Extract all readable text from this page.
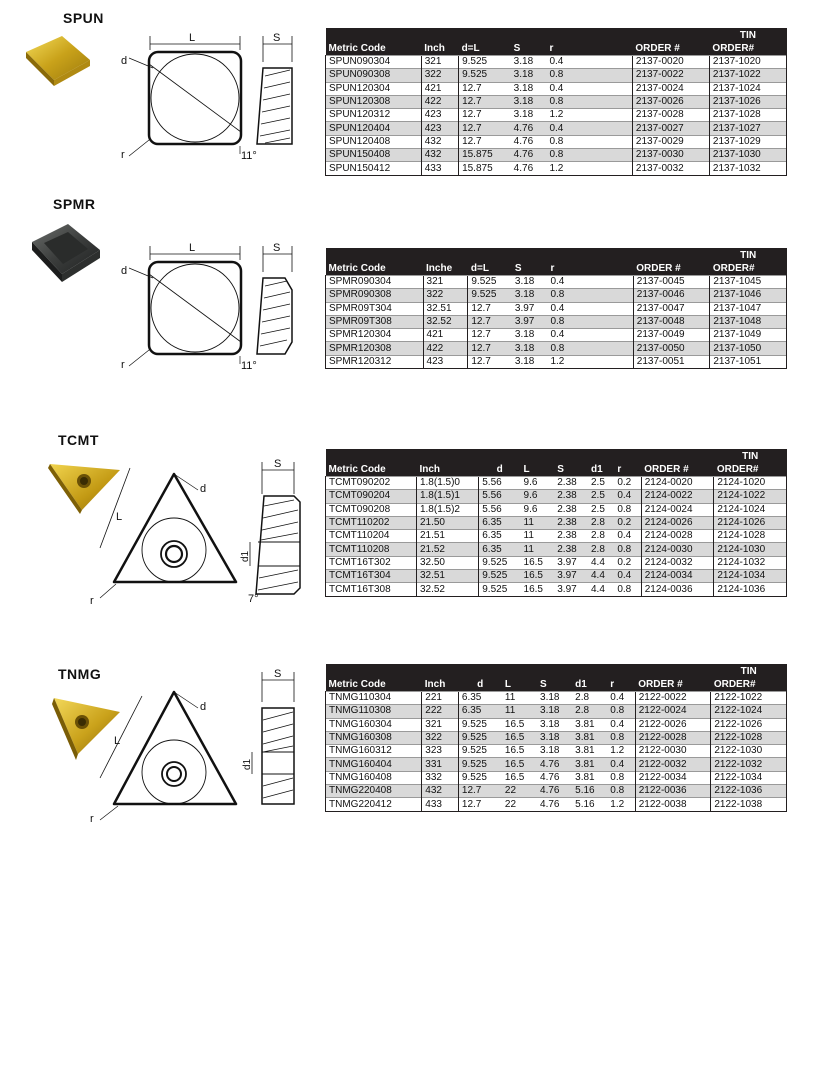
SPUN
L	S
d
r	11°
							TIN
Metric Code	Inch	d=L	S	r		ORDER #	ORDER#
SPUN090304	321	9.525	3.18	0.4		2137-0020	2137-1020
SPUN090308	322	9.525	3.18	0.8		2137-0022	2137-1022
SPUN120304	421	12.7	3.18	0.4		2137-0024	2137-1024
SPUN120308	422	12.7	3.18	0.8		2137-0026	2137-1026
SPUN120312	423	12.7	3.18	1.2		2137-0028	2137-1028
SPUN120404	423	12.7	4.76	0.4		2137-0027	2137-1027
SPUN120408	432	12.7	4.76	0.8		2137-0029	2137-1029
SPUN150408	432	15.875	4.76	0.8		2137-0030	2137-1030
SPUN150412	433	15.875	4.76	1.2		2137-0032	2137-1032
SPMR
L	S
d
r	11°
							TIN
Metric Code	Inche	d=L	S	r		ORDER #	ORDER#
SPMR090304	321	9.525	3.18	0.4		2137-0045	2137-1045
SPMR090308	322	9.525	3.18	0.8		2137-0046	2137-1046
SPMR09T304	32.51	12.7	3.97	0.4		2137-0047	2137-1047
SPMR09T308	32.52	12.7	3.97	0.8		2137-0048	2137-1048
SPMR120304	421	12.7	3.18	0.4		2137-0049	2137-1049
SPMR120308	422	12.7	3.18	0.8		2137-0050	2137-1050
SPMR120312	423	12.7	3.18	1.2		2137-0051	2137-1051
TCMT
L
S
d
r
d1
7°
								TIN
Metric Code	Inch	d	L	S	d1	r		ORDER #	ORDER#
TCMT090202	1.8(1.5)0	5.56	9.6	2.38	2.5	0.2		2124-0020	2124-1020
TCMT090204	1.8(1.5)1	5.56	9.6	2.38	2.5	0.4		2124-0022	2124-1022
TCMT090208	1.8(1.5)2	5.56	9.6	2.38	2.5	0.8		2124-0024	2124-1024
TCMT110202	21.50	6.35	11	2.38	2.8	0.2		2124-0026	2124-1026
TCMT110204	21.51	6.35	11	2.38	2.8	0.4		2124-0028	2124-1028
TCMT110208	21.52	6.35	11	2.38	2.8	0.8		2124-0030	2124-1030
TCMT16T302	32.50	9.525	16.5	3.97	4.4	0.2		2124-0032	2124-1032
TCMT16T304	32.51	9.525	16.5	3.97	4.4	0.4		2124-0034	2124-1034
TCMT16T308	32.52	9.525	16.5	3.97	4.4	0.8		2124-0036	2124-1036
TNMG
L
S
d
r
d1
								TIN
Metric Code	Inch	d	L	S	d1	r		ORDER #	ORDER#
TNMG110304	221	6.35	11	3.18	2.8	0.4		2122-0022	2122-1022
TNMG110308	222	6.35	11	3.18	2.8	0.8		2122-0024	2122-1024
TNMG160304	321	9.525	16.5	3.18	3.81	0.4		2122-0026	2122-1026
TNMG160308	322	9.525	16.5	3.18	3.81	0.8		2122-0028	2122-1028
TNMG160312	323	9.525	16.5	3.18	3.81	1.2		2122-0030	2122-1030
TNMG160404	331	9.525	16.5	4.76	3.81	0.4		2122-0032	2122-1032
TNMG160408	332	9.525	16.5	4.76	3.81	0.8		2122-0034	2122-1034
TNMG220408	432	12.7	22	4.76	5.16	0.8		2122-0036	2122-1036
TNMG220412	433	12.7	22	4.76	5.16	1.2		2122-0038	2122-1038
